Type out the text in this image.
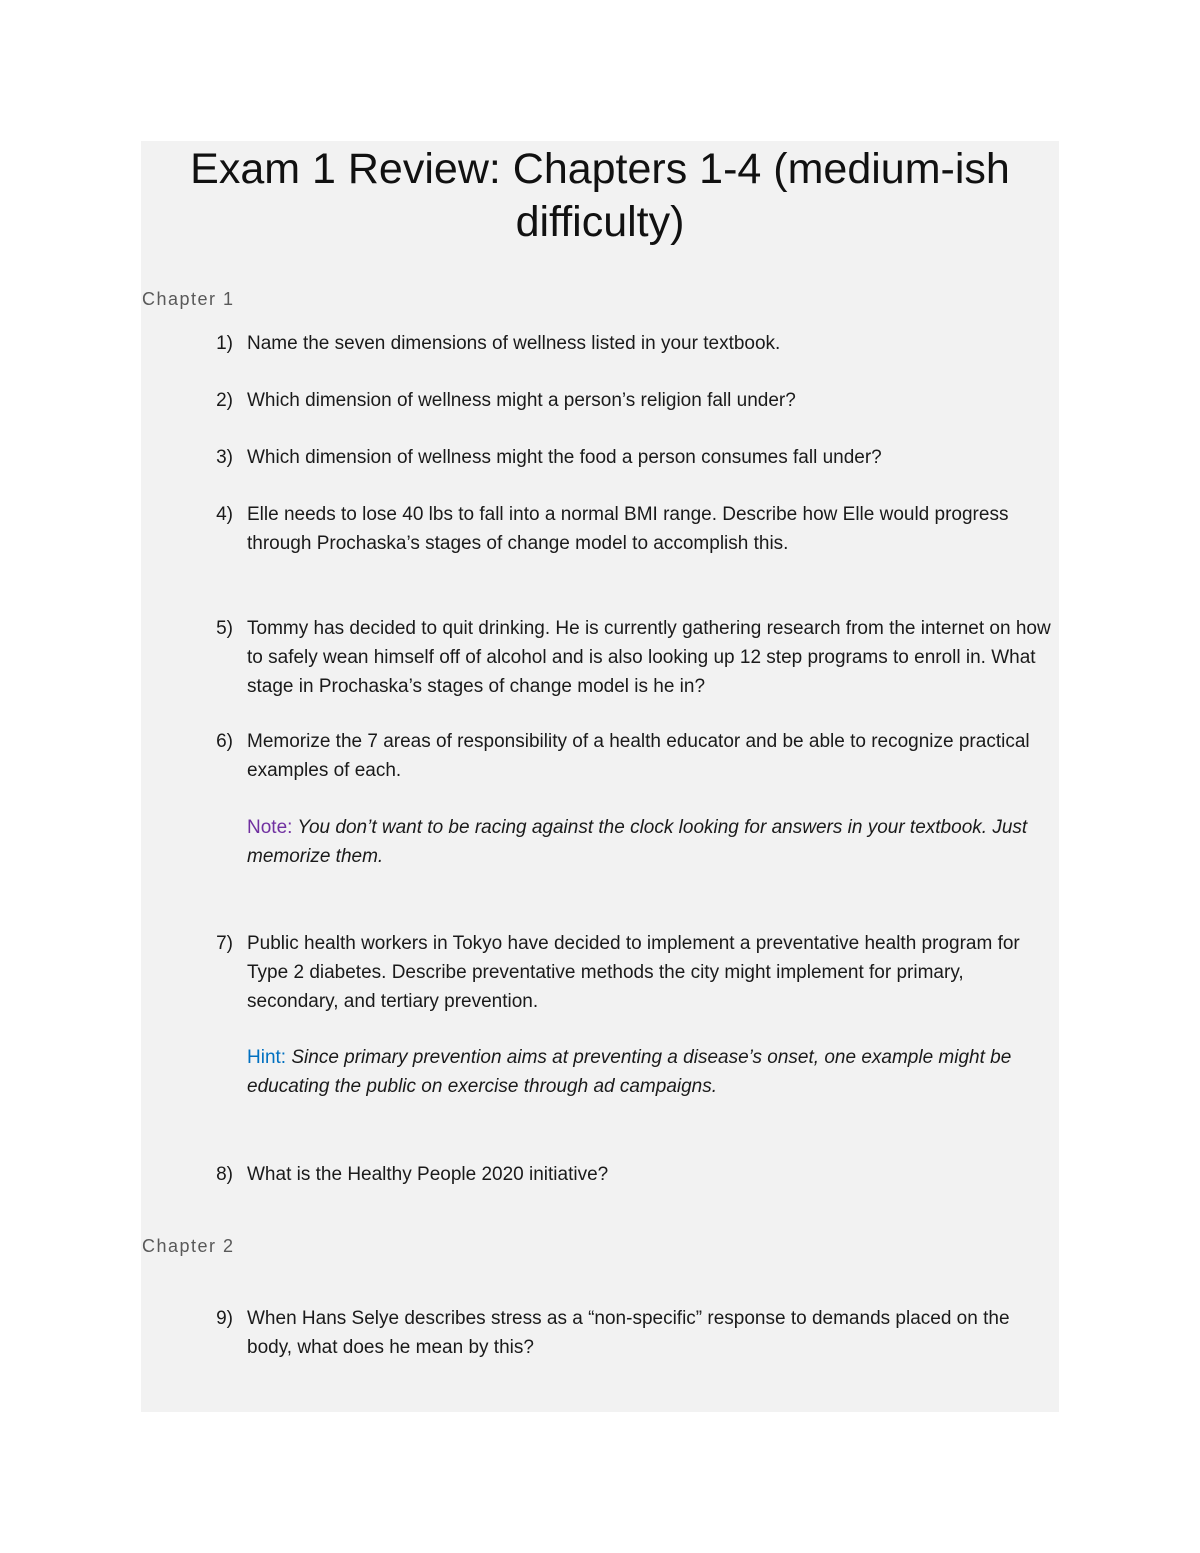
Exam 1 Review: Chapters 1-4 (medium-ish difficulty)
Chapter 1
1) Name the seven dimensions of wellness listed in your textbook.
2) Which dimension of wellness might a person’s religion fall under?
3) Which dimension of wellness might the food a person consumes fall under?
4) Elle needs to lose 40 lbs to fall into a normal BMI range. Describe how Elle would progress through Prochaska’s stages of change model to accomplish this.
5) Tommy has decided to quit drinking. He is currently gathering research from the internet on how to safely wean himself off of alcohol and is also looking up 12 step programs to enroll in. What stage in Prochaska’s stages of change model is he in?
6) Memorize the 7 areas of responsibility of a health educator and be able to recognize practical examples of each.
Note: You don’t want to be racing against the clock looking for answers in your textbook. Just memorize them.
7) Public health workers in Tokyo have decided to implement a preventative health program for Type 2 diabetes. Describe preventative methods the city might implement for primary, secondary, and tertiary prevention.
Hint: Since primary prevention aims at preventing a disease’s onset, one example might be educating the public on exercise through ad campaigns.
8) What is the Healthy People 2020 initiative?
Chapter 2
9) When Hans Selye describes stress as a “non-specific” response to demands placed on the body, what does he mean by this?
